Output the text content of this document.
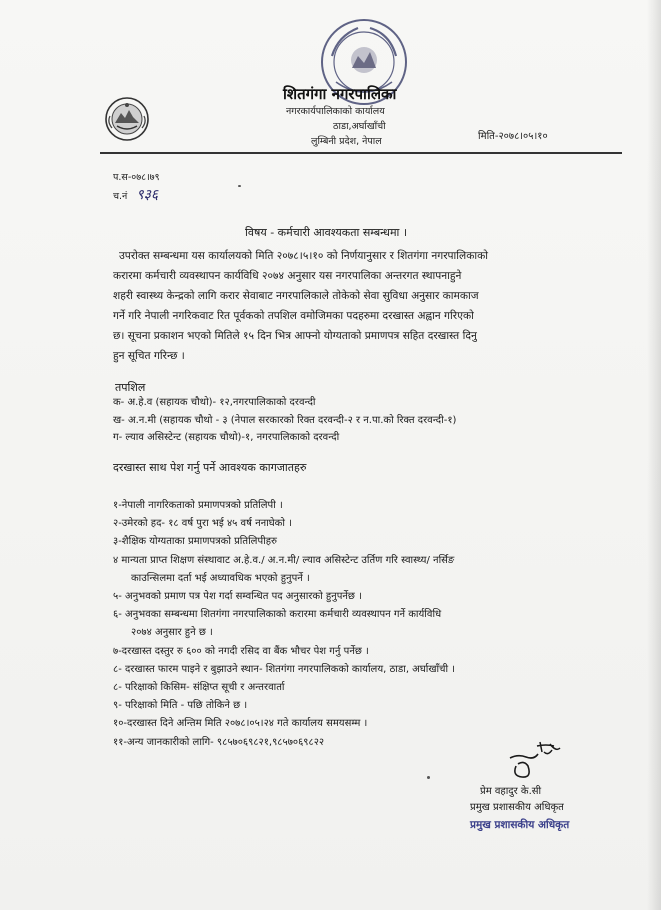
शितगंगा नगरपालिका
नगरकार्यपालिकाको कार्यालय
ठाडा,अर्घाखाँची
लुम्बिनी प्रदेश, नेपाल	मिति-२०७८।०५।१०
प.स-०७८।७९
च.नं ९३६
विषय - कर्मचारी आवश्यकता सम्बन्धमा ।
उपरोक्त सम्बन्धमा यस कार्यालयको मिति २०७८।५।१० को निर्णयानुसार र शितगंगा नगरपालिकाको
करारमा कर्मचारी व्यवस्थापन कार्यविधि २०७४ अनुसार यस नगरपालिका अन्तरगत स्थापनाहुने
शहरी स्वास्थ्य केन्द्रको लागि करार सेवाबाट नगरपालिकाले तोकेको सेवा सुविधा अनुसार कामकाज
गर्ने गरि नेपाली नगरिकवाट रित पूर्वकको तपशिल वमोजिमका पदहरुमा दरखास्त अह्वान गरिएको
छ। सूचना प्रकाशन भएको मितिले १५ दिन भित्र आफ्नो योग्यताको प्रमाणपत्र सहित दरखास्त दिनु
हुन सूचित गरिन्छ ।
तपशिल
क- अ.हे.व (सहायक चौथो)- १२,नगरपालिकाको दरवन्दी
ख- अ.न.मी (सहायक चौथो - ३ (नेपाल सरकारको रिक्त दरवन्दी-२ र न.पा.को रिक्त दरवन्दी-१)
ग- ल्याव असिस्टेन्ट (सहायक चौथो)-१, नगरपालिकाको दरवन्दी
दरखास्त साथ पेश गर्नु पर्ने आवश्यक कागजातहरु
१-नेपाली नागरिकताको प्रमाणपत्रको प्रतिलिपी ।
२-उमेरको हद- १८ वर्ष पुरा भई ४५ वर्ष ननाघेको ।
३-शैक्षिक योग्यताका प्रमाणपत्रको प्रतिलिपीहरु
४ मान्यता प्राप्त शिक्षण संस्थावाट अ.हे.व./ अ.न.मी/ ल्याव असिस्टेन्ट उर्तिण गरि स्वास्थ्य/ नर्सिङ
काउन्सिलमा दर्ता भई अध्यावधिक भएको हुनुपर्ने ।
५- अनुभवको प्रमाण पत्र पेश गर्दा सम्वन्धित पद अनुसारको हुनुपर्नेछ ।
६- अनुभवका सम्बन्धमा शितगंगा नगरपालिकाको करारमा कर्मचारी व्यवस्थापन गर्ने कार्यविधि
२०७४ अनुसार हुने छ ।
७-दरखास्त दस्तुर रु ६०० को नगदी रसिद वा बैंक भौचर पेश गर्नु पर्नेछ ।
८- दरखास्त फारम पाइने र बुझाउने स्थान- शितगंगा नगरपालिकको कार्यालय, ठाडा, अर्घाखाँची ।
८- परिक्षाको किसिम- संक्षिप्त सूची र अन्तरवार्ता
९- परिक्षाको मिति - पछि तोकिने छ ।
१०-दरखास्त दिने अन्तिम मिति २०७८।०५।२४ गते कार्यालय समयसम्म ।
११-अन्य जानकारीको लागि- ९८५७०६९८२१,९८५७०६९८२२
प्रेम वहादुर के.सी
प्रमुख प्रशासकीय अधिकृत
प्रमुख प्रशासकीय अधिकृत
